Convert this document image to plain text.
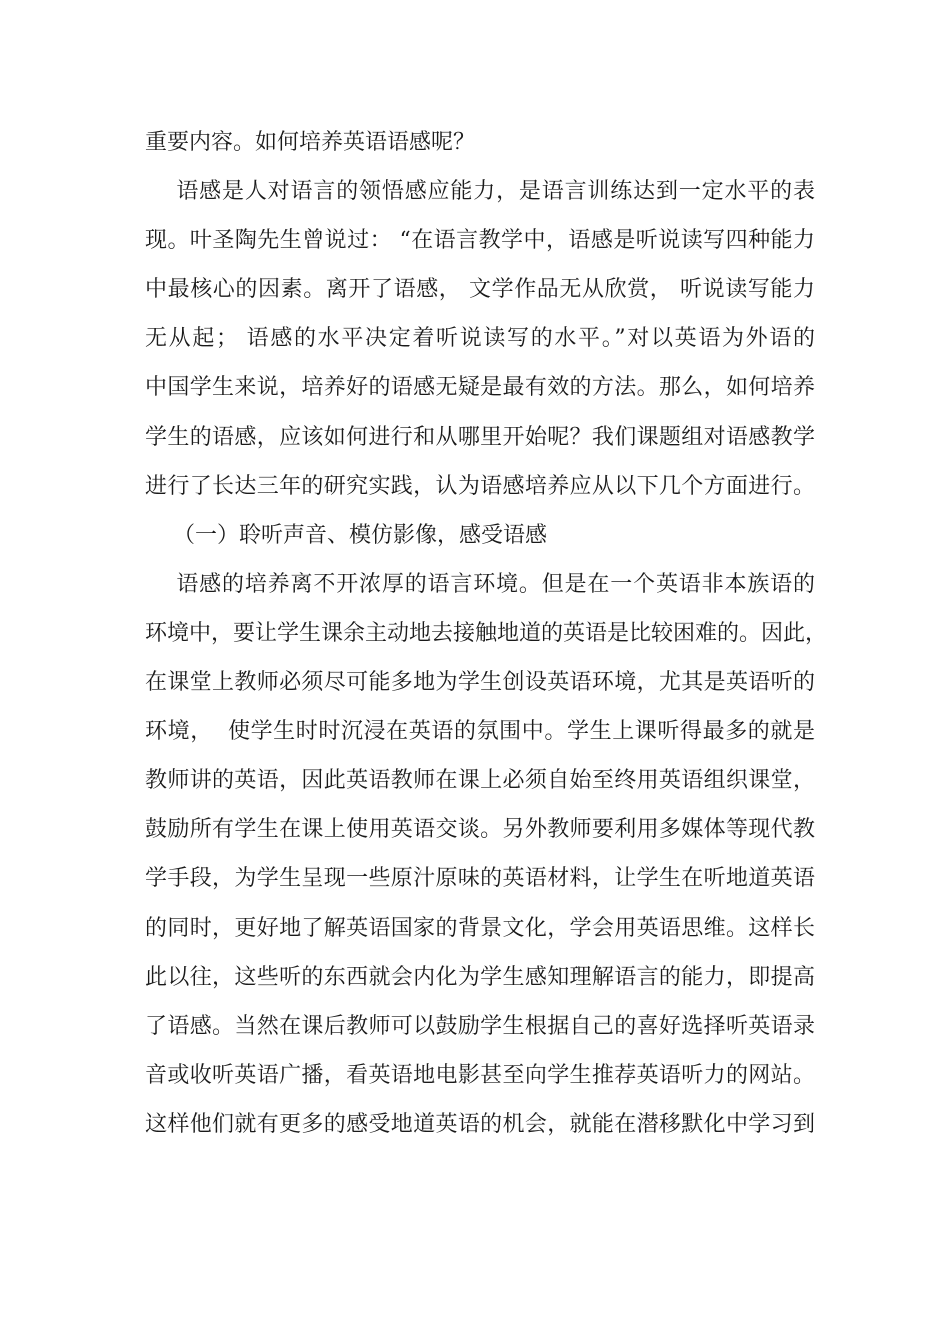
重要内容。如何培养英语语感呢？
语感是人对语言的领悟感应能力，是语言训练达到一定水平的表
现。叶圣陶先生曾说过： “在语言教学中，语感是听说读写四种能力
中最核心的因素。离开了语感， 文学作品无从欣赏， 听说读写能力
无从起； 语感的水平决定着听说读写的水平。”对以英语为外语的
中国学生来说，培养好的语感无疑是最有效的方法。那么，如何培养
学生的语感，应该如何进行和从哪里开始呢？我们课题组对语感教学
进行了长达三年的研究实践，认为语感培养应从以下几个方面进行。
（一）聆听声音、模仿影像，感受语感
语感的培养离不开浓厚的语言环境。但是在一个英语非本族语的
环境中，要让学生课余主动地去接触地道的英语是比较困难的。因此，
在课堂上教师必须尽可能多地为学生创设英语环境，尤其是英语听的
环境，  使学生时时沉浸在英语的氛围中。学生上课听得最多的就是
教师讲的英语，因此英语教师在课上必须自始至终用英语组织课堂，
鼓励所有学生在课上使用英语交谈。另外教师要利用多媒体等现代教
学手段，为学生呈现一些原汁原味的英语材料，让学生在听地道英语
的同时，更好地了解英语国家的背景文化，学会用英语思维。这样长
此以往，这些听的东西就会内化为学生感知理解语言的能力，即提高
了语感。当然在课后教师可以鼓励学生根据自己的喜好选择听英语录
音或收听英语广播，看英语地电影甚至向学生推荐英语听力的网站。
这样他们就有更多的感受地道英语的机会，就能在潜移默化中学习到
